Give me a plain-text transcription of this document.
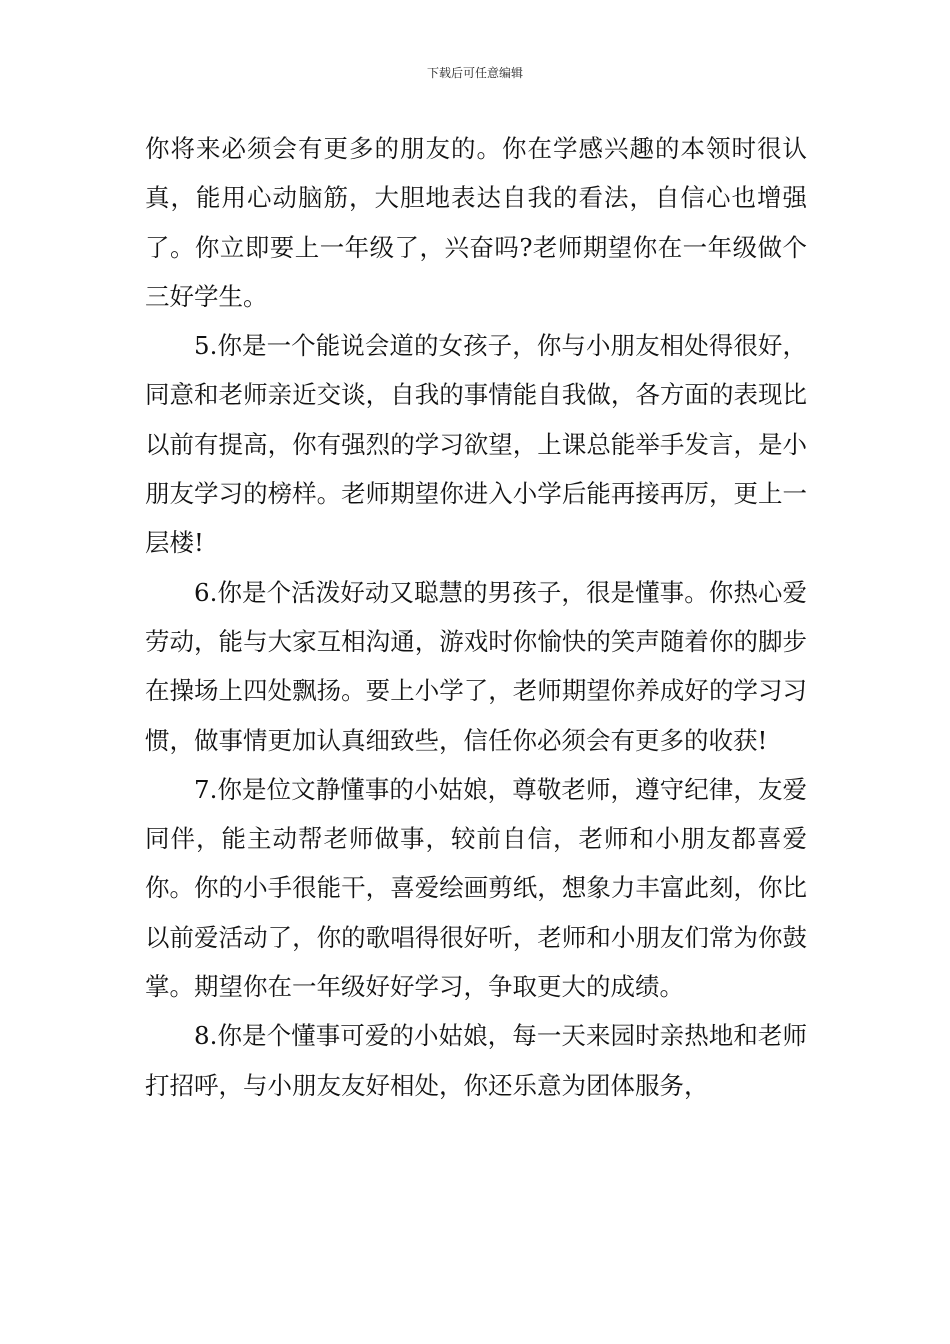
下载后可任意编辑

你将来必须会有更多的朋友的。你在学感兴趣的本领时很认真，能用心动脑筋，大胆地表达自我的看法，自信心也增强了。你立即要上一年级了，兴奋吗?老师期望你在一年级做个三好学生。

5.你是一个能说会道的女孩子，你与小朋友相处得很好，同意和老师亲近交谈，自我的事情能自我做，各方面的表现比以前有提高，你有强烈的学习欲望，上课总能举手发言，是小朋友学习的榜样。老师期望你进入小学后能再接再厉，更上一层楼!

6.你是个活泼好动又聪慧的男孩子，很是懂事。你热心爱劳动，能与大家互相沟通，游戏时你愉快的笑声随着你的脚步在操场上四处飘扬。要上小学了，老师期望你养成好的学习习惯，做事情更加认真细致些，信任你必须会有更多的收获!

7.你是位文静懂事的小姑娘，尊敬老师，遵守纪律，友爱同伴，能主动帮老师做事，较前自信，老师和小朋友都喜爱你。你的小手很能干，喜爱绘画剪纸，想象力丰富此刻，你比以前爱活动了，你的歌唱得很好听，老师和小朋友们常为你鼓掌。期望你在一年级好好学习，争取更大的成绩。

8.你是个懂事可爱的小姑娘，每一天来园时亲热地和老师打招呼，与小朋友友好相处，你还乐意为团体服务，
